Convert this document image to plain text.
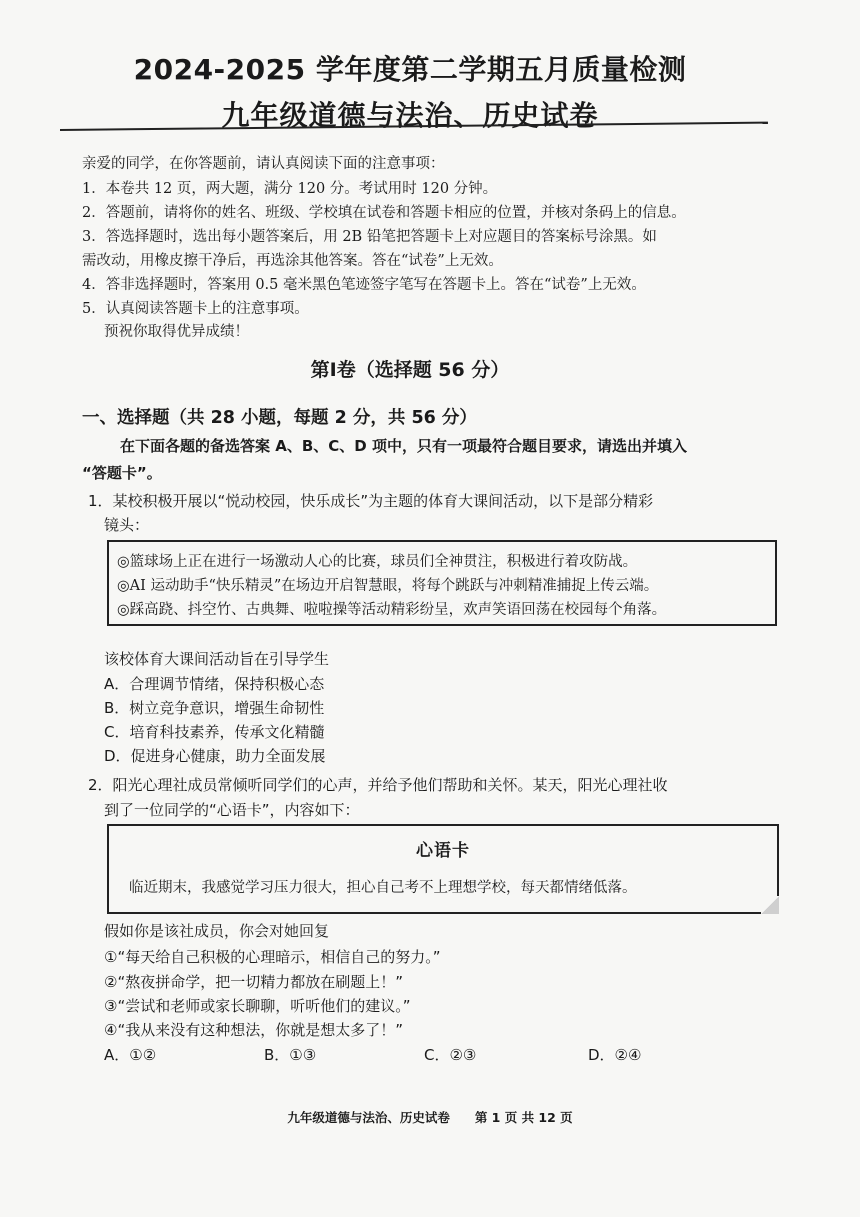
2024-2025 学年度第二学期五月质量检测
九年级道德与法治、历史试卷
亲爱的同学，在你答题前，请认真阅读下面的注意事项：
1．本卷共 12 页，两大题，满分 120 分。考试用时 120 分钟。
2．答题前，请将你的姓名、班级、学校填在试卷和答题卡相应的位置，并核对条码上的信息。
3．答选择题时，选出每小题答案后，用 2B 铅笔把答题卡上对应题目的答案标号涂黑。如
需改动，用橡皮擦干净后，再选涂其他答案。答在“试卷”上无效。
4．答非选择题时，答案用 0.5 毫米黑色笔迹签字笔写在答题卡上。答在“试卷”上无效。
5．认真阅读答题卡上的注意事项。
预祝你取得优异成绩！
第Ⅰ卷（选择题 56 分）
一、选择题（共 28 小题，每题 2 分，共 56 分）
在下面各题的备选答案 A、B、C、D 项中，只有一项最符合题目要求，请选出并填入
“答题卡”。
1．某校积极开展以“悦动校园，快乐成长”为主题的体育大课间活动，以下是部分精彩
镜头：
◎篮球场上正在进行一场激动人心的比赛，球员们全神贯注，积极进行着攻防战。
◎AI 运动助手“快乐精灵”在场边开启智慧眼，将每个跳跃与冲刺精准捕捉上传云端。
◎踩高跷、抖空竹、古典舞、啦啦操等活动精彩纷呈，欢声笑语回荡在校园每个角落。
该校体育大课间活动旨在引导学生
A．合理调节情绪，保持积极心态
B．树立竞争意识，增强生命韧性
C．培育科技素养，传承文化精髓
D．促进身心健康，助力全面发展
2．阳光心理社成员常倾听同学们的心声，并给予他们帮助和关怀。某天，阳光心理社收
到了一位同学的“心语卡”，内容如下：
心语卡
临近期末，我感觉学习压力很大，担心自己考不上理想学校，每天都情绪低落。
假如你是该社成员，你会对她回复
①“每天给自己积极的心理暗示，相信自己的努力。”
②“熬夜拼命学，把一切精力都放在刷题上！”
③“尝试和老师或家长聊聊，听听他们的建议。”
④“我从来没有这种想法，你就是想太多了！”
A．①②	B．①③	C．②③	D．②④
九年级道德与法治、历史试卷　　第 1 页 共 12 页
